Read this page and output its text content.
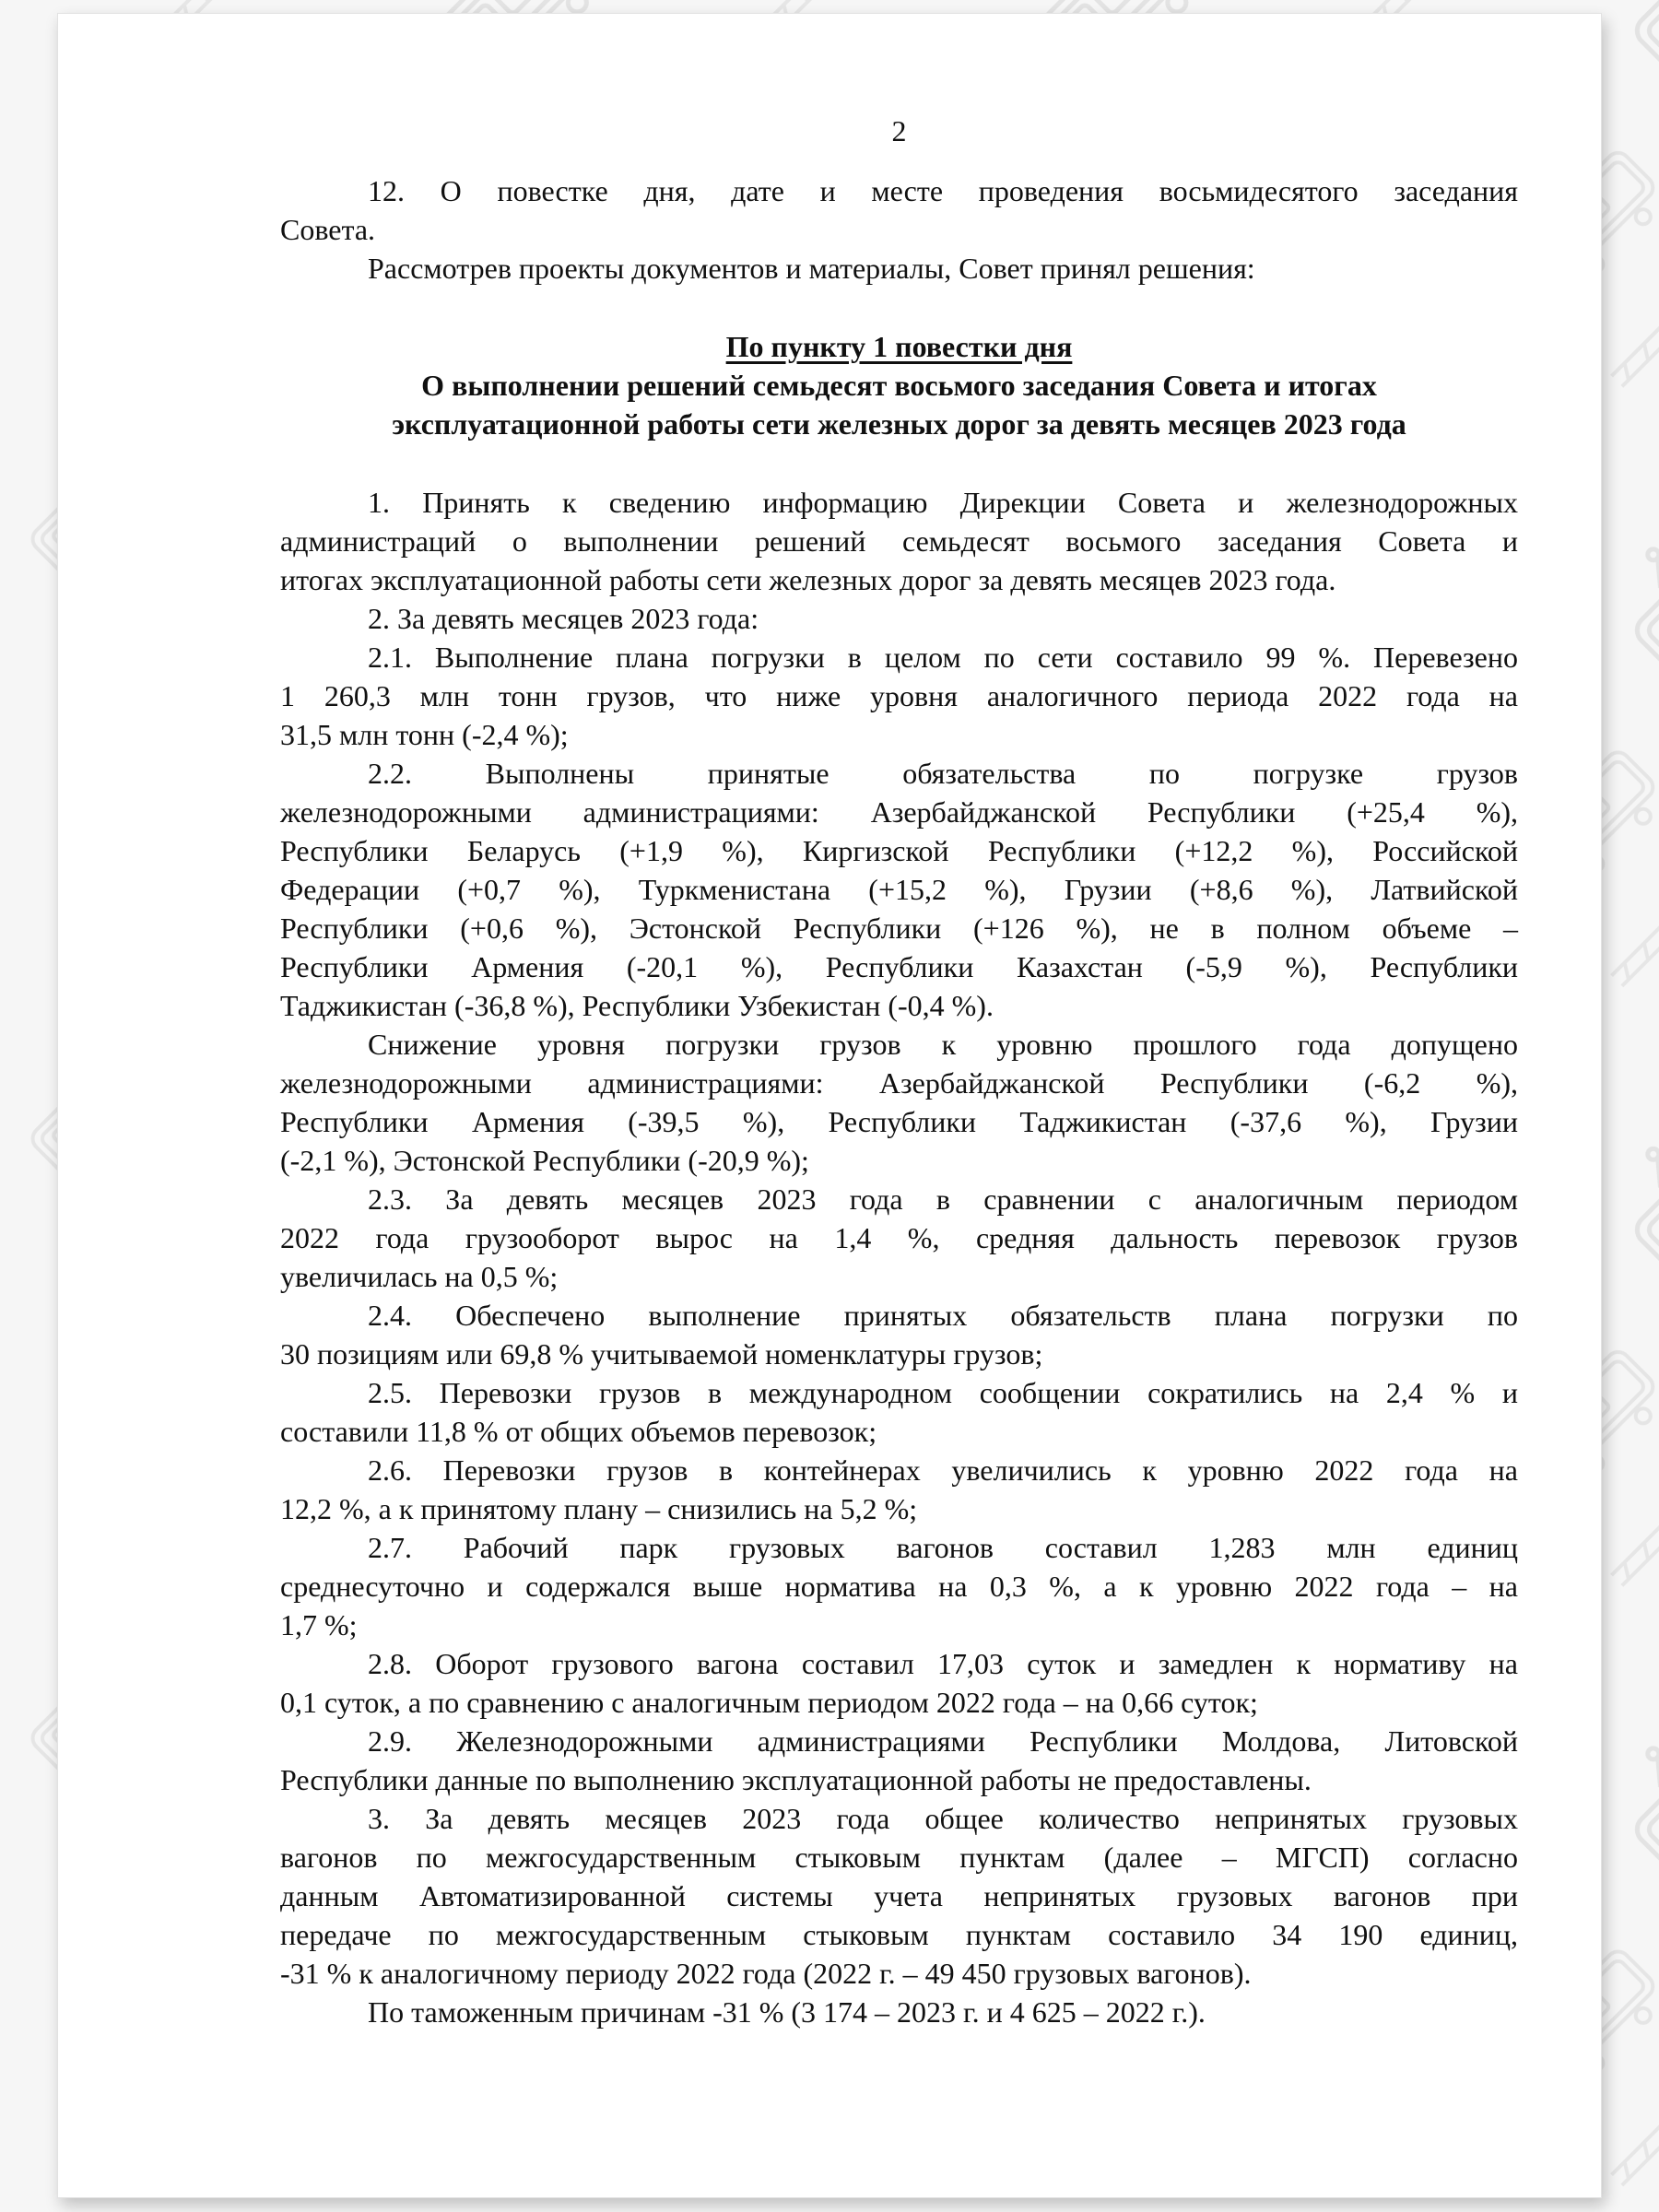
2
12. О повестке дня, дате и месте проведения восьмидесятого заседания
Совета.
Рассмотрев проекты документов и материалы, Совет принял решения:
По пункту 1 повестки дня
О выполнении решений семьдесят восьмого заседания Совета и итогах
эксплуатационной работы сети железных дорог за девять месяцев 2023 года
1. Принять к сведению информацию Дирекции Совета и железнодорожных
администраций о выполнении решений семьдесят восьмого заседания Совета и
итогах эксплуатационной работы сети железных дорог за девять месяцев 2023 года.
2. За девять месяцев 2023 года:
2.1. Выполнение плана погрузки в целом по сети составило 99 %. Перевезено
1 260,3 млн тонн грузов, что ниже уровня аналогичного периода 2022 года на
31,5 млн тонн (-2,4 %);
2.2. Выполнены принятые обязательства по погрузке грузов
железнодорожными администрациями: Азербайджанской Республики (+25,4 %),
Республики Беларусь (+1,9 %), Киргизской Республики (+12,2 %), Российской
Федерации (+0,7 %), Туркменистана (+15,2 %), Грузии (+8,6 %), Латвийской
Республики (+0,6 %), Эстонской Республики (+126 %), не в полном объеме –
Республики Армения (-20,1 %), Республики Казахстан (-5,9 %), Республики
Таджикистан (-36,8 %), Республики Узбекистан (-0,4 %).
Снижение уровня погрузки грузов к уровню прошлого года допущено
железнодорожными администрациями: Азербайджанской Республики (-6,2 %),
Республики Армения (-39,5 %), Республики Таджикистан (-37,6 %), Грузии
(-2,1 %), Эстонской Республики (-20,9 %);
2.3. За девять месяцев 2023 года в сравнении с аналогичным периодом
2022 года грузооборот вырос на 1,4 %, средняя дальность перевозок грузов
увеличилась на 0,5 %;
2.4. Обеспечено выполнение принятых обязательств плана погрузки по
30 позициям или 69,8 % учитываемой номенклатуры грузов;
2.5. Перевозки грузов в международном сообщении сократились на 2,4 % и
составили 11,8 % от общих объемов перевозок;
2.6. Перевозки грузов в контейнерах увеличились к уровню 2022 года на
12,2 %, а к принятому плану – снизились на 5,2 %;
2.7. Рабочий парк грузовых вагонов составил 1,283 млн единиц
среднесуточно и содержался выше норматива на 0,3 %, а к уровню 2022 года – на
1,7 %;
2.8. Оборот грузового вагона составил 17,03 суток и замедлен к нормативу на
0,1 суток, а по сравнению с аналогичным периодом 2022 года – на 0,66 суток;
2.9. Железнодорожными администрациями Республики Молдова, Литовской
Республики данные по выполнению эксплуатационной работы не предоставлены.
3. За девять месяцев 2023 года общее количество непринятых грузовых
вагонов по межгосударственным стыковым пунктам (далее – МГСП) согласно
данным Автоматизированной системы учета непринятых грузовых вагонов при
передаче по межгосударственным стыковым пунктам составило 34 190 единиц,
-31 % к аналогичному периоду 2022 года (2022 г. – 49 450 грузовых вагонов).
По таможенным причинам -31 % (3 174 – 2023 г. и 4 625 – 2022 г.).
